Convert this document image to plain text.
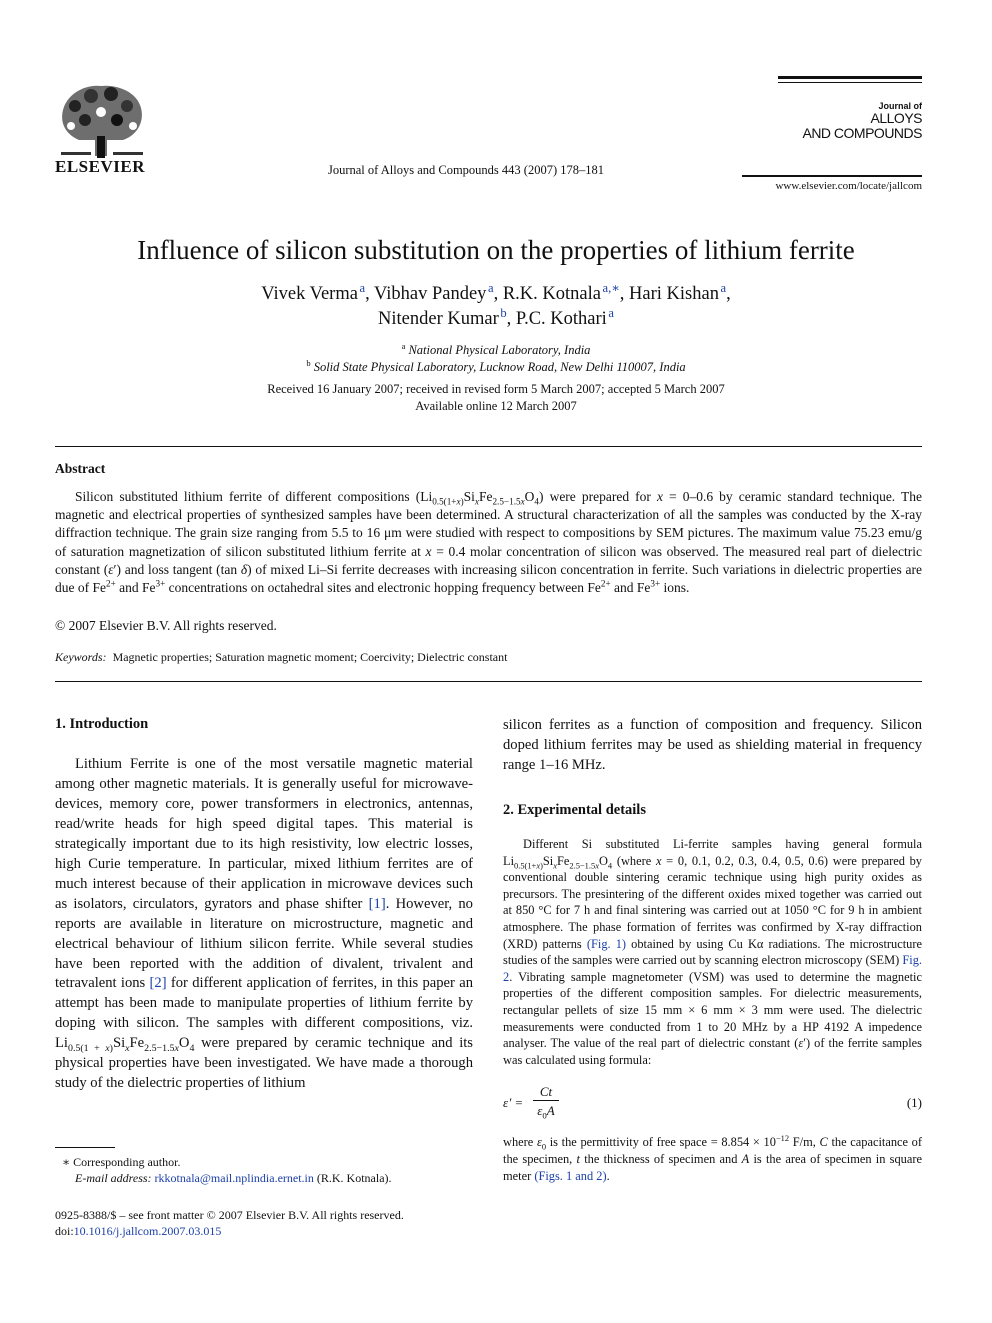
ELSEVIER	Journal of Alloys and Compounds 443 (2007) 178–181
Journal of
ALLOYS
AND COMPOUNDS
www.elsevier.com/locate/jallcom
Influence of silicon substitution on the properties of lithium ferrite
Vivek Verma  $^a$, Vibhav Pandey  $^a$, R.K. Kotnala  $^{a,∗}$, Hari Kishan  $^a$,
Nitender Kumar  $^b$, P.C. Kothari  $^a$
$^a$ National Physical Laboratory, India
$^b$ Solid State Physical Laboratory, Lucknow Road, New Delhi 110007, India
Received 16 January 2007; received in revised form 5 March 2007; accepted 5 March 2007
Available online 12 March 2007
Abstract
Silicon substituted lithium ferrite of different compositions $(Li_{0.5(1+x)}Si_xFe_{2.5-1.5x}O_4)$ were prepared for x = 0–0.6 by ceramic standard technique. The magnetic and electrical properties of synthesized samples have been determined. A structural characterization of all the samples was conducted by the X-ray diffraction technique. The grain size ranging from 5.5 to 16 μm were studied with respect to compositions by SEM pictures. The maximum value 75.23 emu/g of saturation magnetization of silicon substituted lithium ferrite at x = 0.4 molar concentration of silicon was observed. The measured real part of dielectric constant (ε′) and loss tangent (tan δ) of mixed Li–Si ferrite decreases with increasing silicon concentration in ferrite. Such variations in dielectric properties are due of $Fe^{2+}$ and $Fe^{3+}$ concentrations on octahedral sites and electronic hopping frequency between $Fe^{2+}$ and $Fe^{3+}$ ions.
© 2007 Elsevier B.V. All rights reserved.
Keywords: Magnetic properties; Saturation magnetic moment; Coercivity; Dielectric constant
1. Introduction
Lithium Ferrite is one of the most versatile magnetic material among other magnetic materials. It is generally useful for microwave-devices, memory core, power transformers in electronics, antennas, read/write heads for high speed digital tapes. This material is strategically important due to its high resistivity, low electric losses, high Curie temperature. In particular, mixed lithium ferrites are of much interest because of their application in microwave devices such as isolators, circulators, gyrators and phase shifter [1]. However, no reports are available in literature on microstructure, magnetic and electrical behaviour of lithium silicon ferrite. While several studies have been reported with the addition of divalent, trivalent and tetravalent ions [2] for different application of ferrites, in this paper an attempt has been made to manipulate properties of lithium ferrite by doping with silicon. The samples with different compositions, viz. $Li_{0.5(1 + x)}Si_xFe_{2.5-1.5x}O_4$ were prepared by ceramic technique and its physical properties have been investigated. We have made a thorough study of the dielectric properties of lithium
∗ Corresponding author.
E-mail address: rkkotnala@mail.nplindia.ernet.in (R.K. Kotnala).
0925-8388/$ – see front matter © 2007 Elsevier B.V. All rights reserved.
doi:10.1016/j.jallcom.2007.03.015
silicon ferrites as a function of composition and frequency. Silicon doped lithium ferrites may be used as shielding material in frequency range 1–16 MHz.
2. Experimental details
Different Si substituted Li-ferrite samples having general formula $Li_{0.5(1+x)}Si_xFe_{2.5-1.5x}O_4$ (where x = 0, 0.1, 0.2, 0.3, 0.4, 0.5, 0.6) were prepared by conventional double sintering ceramic technique using high purity oxides as precursors. The presintering of the different oxides mixed together was carried out at 850 °C for 7 h and final sintering was carried out at 1050 °C for 9 h in ambient atmosphere. The phase formation of ferrites was confirmed by X-ray diffraction (XRD) patterns (Fig. 1) obtained by using Cu Kα radiations. The microstructure studies of the samples were carried out by scanning electron microscopy (SEM) Fig. 2. Vibrating sample magnetometer (VSM) was used to determine the magnetic properties of the different composition samples. For dielectric measurements, rectangular pellets of size 15 mm × 6 mm × 3 mm were used. The dielectric measurements were conducted from 1 to 20 MHz by a HP 4192 A impedence analyser. The value of the real part of dielectric constant (ε′) of the ferrite samples was calculated using formula:
ε ′ =
Ct
$\varepsilon_0A$
(1)
where $\varepsilon_0$ is the permittivity of free space = $8.854 \times 10^{-12}$ F/m, C the capacitance of the specimen, t the thickness of specimen and A is the area of specimen in square meter (Figs. 1 and 2).
